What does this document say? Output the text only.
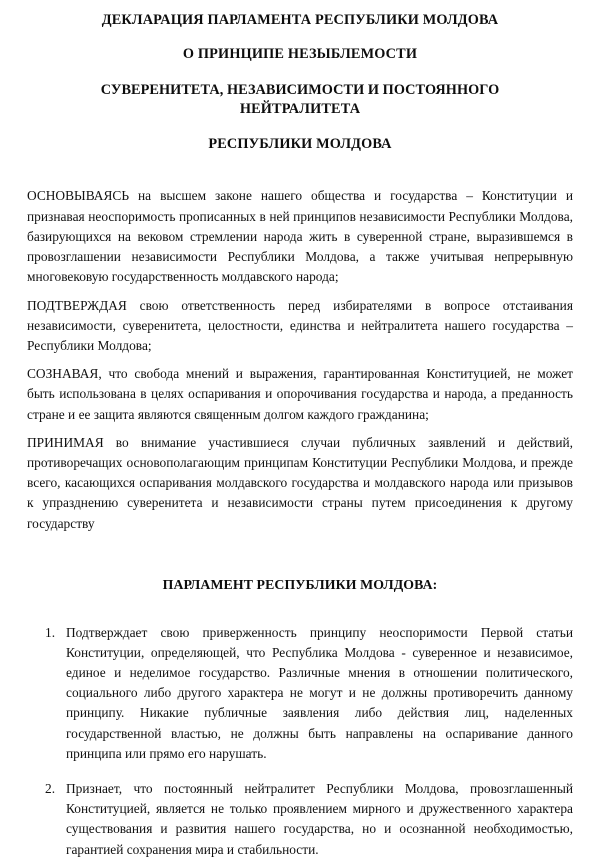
ДЕКЛАРАЦИЯ ПАРЛАМЕНТА РЕСПУБЛИКИ МОЛДОВА
О ПРИНЦИПЕ НЕЗЫБЛЕМОСТИ
СУВЕРЕНИТЕТА, НЕЗАВИСИМОСТИ И ПОСТОЯННОГО
НЕЙТРАЛИТЕТА
РЕСПУБЛИКИ МОЛДОВА

ОСНОВЫВАЯСЬ на высшем законе нашего общества и государства – Конституции и признавая неоспоримость прописанных в ней принципов независимости Республики Молдова, базирующихся на вековом стремлении народа жить в суверенной стране, выразившемся в провозглашении независимости Республики Молдова, а также учитывая непрерывную многовековую государственность молдавского народа;

ПОДТВЕРЖДАЯ свою ответственность перед избирателями в вопросе отстаивания независимости, суверенитета, целостности, единства и нейтралитета нашего государства – Республики Молдова;

СОЗНАВАЯ, что свобода мнений и выражения, гарантированная Конституцией, не может быть использована в целях оспаривания и опорочивания государства и народа, а преданность стране и ее защита являются священным долгом каждого гражданина;

ПРИНИМАЯ во внимание участившиеся случаи публичных заявлений и действий, противоречащих основополагающим принципам Конституции Республики Молдова, и прежде всего, касающихся оспаривания молдавского государства и молдавского народа или призывов к упразднению суверенитета и независимости страны путем присоединения к другому государству

ПАРЛАМЕНТ РЕСПУБЛИКИ МОЛДОВА:
1. Подтверждает свою приверженность принципу неоспоримости Первой статьи Конституции, определяющей, что Республика Молдова - суверенное и независимое, единое и неделимое государство. Различные мнения в отношении политического, социального либо другого характера не могут и не должны противоречить данному принципу. Никакие публичные заявления либо действия лиц, наделенных государственной властью, не должны быть направлены на оспаривание данного принципа или прямо его нарушать.
2. Признает, что постоянный нейтралитет Республики Молдова, провозглашенный Конституцией, является не только проявлением мирного и дружественного характера существования и развития нашего государства, но и осознанной необходимостью, гарантией сохранения мира и стабильности.
